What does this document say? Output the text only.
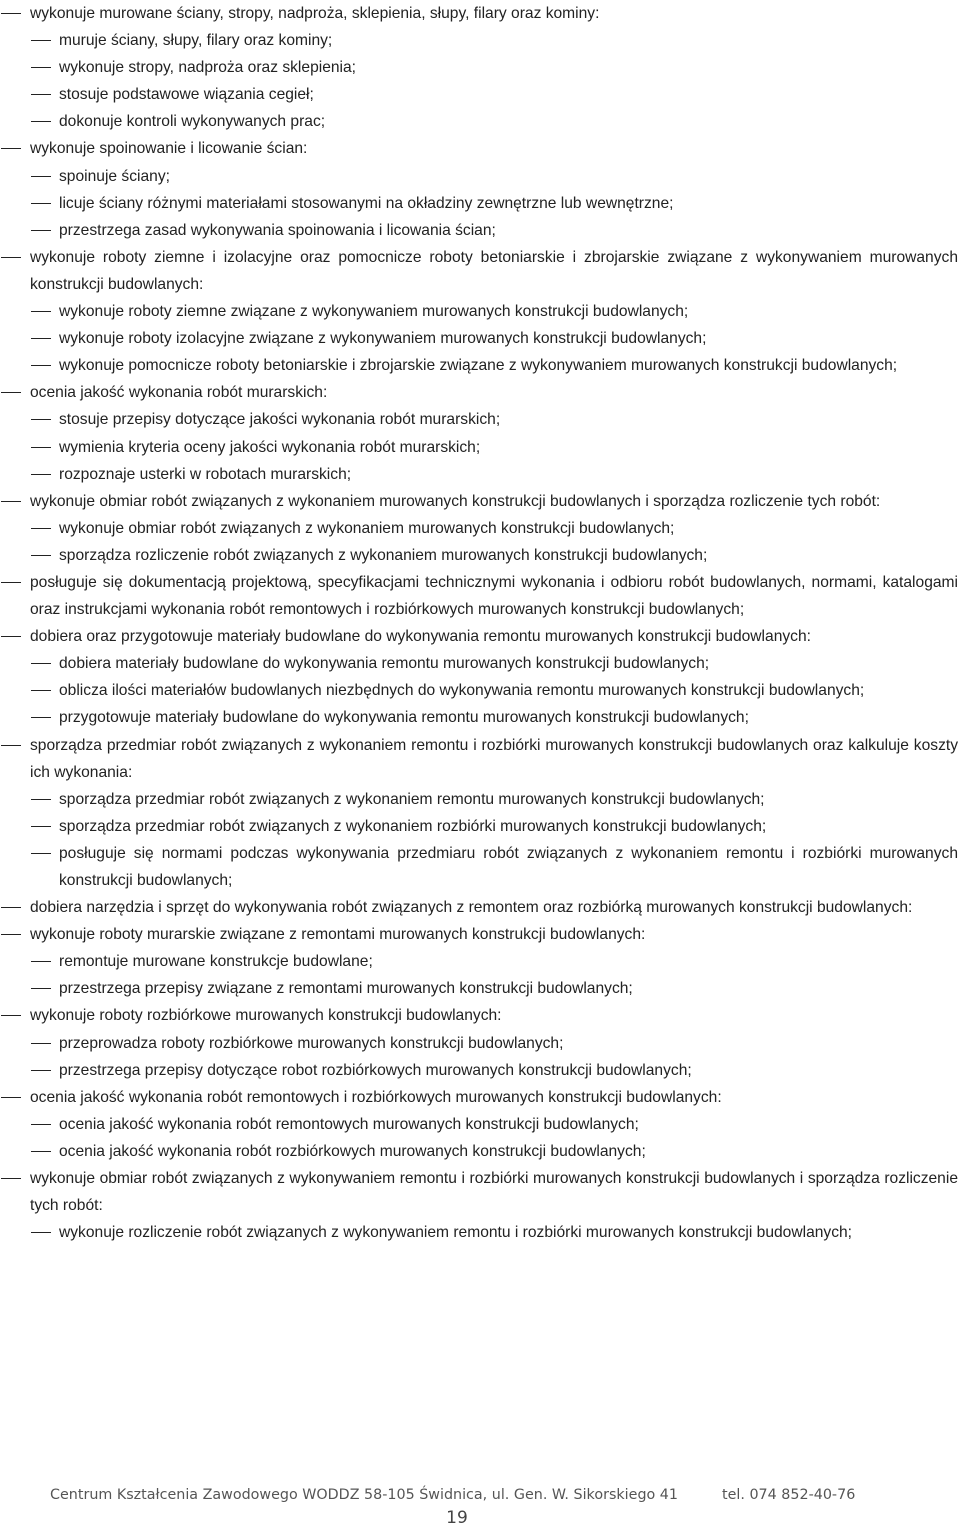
wykonuje murowane ściany, stropy, nadproża, sklepienia, słupy, filary oraz kominy:
muruje ściany, słupy, filary oraz kominy;
wykonuje stropy, nadproża oraz sklepienia;
stosuje podstawowe wiązania cegieł;
dokonuje kontroli wykonywanych prac;
wykonuje spoinowanie i licowanie ścian:
spoinuje ściany;
licuje ściany różnymi materiałami stosowanymi na okładziny zewnętrzne lub wewnętrzne;
przestrzega zasad wykonywania spoinowania i licowania ścian;
wykonuje roboty ziemne i izolacyjne oraz pomocnicze roboty betoniarskie i zbrojarskie związane z wykonywaniem murowanych konstrukcji budowlanych:
wykonuje roboty ziemne związane z wykonywaniem murowanych konstrukcji budowlanych;
wykonuje roboty izolacyjne związane z wykonywaniem murowanych konstrukcji budowlanych;
wykonuje pomocnicze roboty betoniarskie i zbrojarskie związane z wykonywaniem murowanych konstrukcji budowlanych;
ocenia jakość wykonania robót murarskich:
stosuje przepisy dotyczące jakości wykonania robót murarskich;
wymienia kryteria oceny jakości wykonania robót murarskich;
rozpoznaje usterki w robotach murarskich;
wykonuje obmiar robót związanych z wykonaniem murowanych konstrukcji budowlanych i sporządza rozliczenie tych robót:
wykonuje obmiar robót związanych z wykonaniem murowanych konstrukcji budowlanych;
sporządza rozliczenie robót związanych z wykonaniem murowanych konstrukcji budowlanych;
posługuje się dokumentacją projektową, specyfikacjami technicznymi wykonania i odbioru robót budowlanych, normami, katalogami oraz instrukcjami wykonania robót remontowych i rozbiórkowych murowanych konstrukcji budowlanych;
dobiera oraz przygotowuje materiały budowlane do wykonywania remontu murowanych konstrukcji budowlanych:
dobiera materiały budowlane do wykonywania remontu murowanych konstrukcji budowlanych;
oblicza ilości materiałów budowlanych niezbędnych do wykonywania remontu murowanych konstrukcji budowlanych;
przygotowuje materiały budowlane do wykonywania remontu murowanych konstrukcji budowlanych;
sporządza przedmiar robót związanych z wykonaniem remontu i rozbiórki murowanych konstrukcji budowlanych oraz kalkuluje koszty ich wykonania:
sporządza przedmiar robót związanych z wykonaniem remontu murowanych konstrukcji budowlanych;
sporządza przedmiar robót związanych z wykonaniem rozbiórki murowanych konstrukcji budowlanych;
posługuje się normami podczas wykonywania przedmiaru robót związanych z wykonaniem remontu i rozbiórki murowanych konstrukcji budowlanych;
dobiera narzędzia i sprzęt do wykonywania robót związanych z remontem oraz rozbiórką murowanych konstrukcji budowlanych:
wykonuje roboty murarskie związane z remontami murowanych konstrukcji budowlanych:
remontuje murowane konstrukcje budowlane;
przestrzega przepisy związane z remontami murowanych konstrukcji budowlanych;
wykonuje roboty rozbiórkowe murowanych konstrukcji budowlanych:
przeprowadza roboty rozbiórkowe murowanych konstrukcji budowlanych;
przestrzega przepisy dotyczące robot rozbiórkowych murowanych konstrukcji budowlanych;
ocenia jakość wykonania robót remontowych i rozbiórkowych murowanych konstrukcji budowlanych:
ocenia jakość wykonania robót remontowych murowanych konstrukcji budowlanych;
ocenia jakość wykonania robót rozbiórkowych murowanych konstrukcji budowlanych;
wykonuje obmiar robót związanych z wykonywaniem remontu i rozbiórki murowanych konstrukcji budowlanych i sporządza rozliczenie tych robót:
wykonuje rozliczenie robót związanych z wykonywaniem remontu i rozbiórki murowanych konstrukcji budowlanych;
Centrum Kształcenia Zawodowego WODDZ 58-105 Świdnica, ul. Gen. W. Sikorskiego 41	tel. 074 852-40-76
19
